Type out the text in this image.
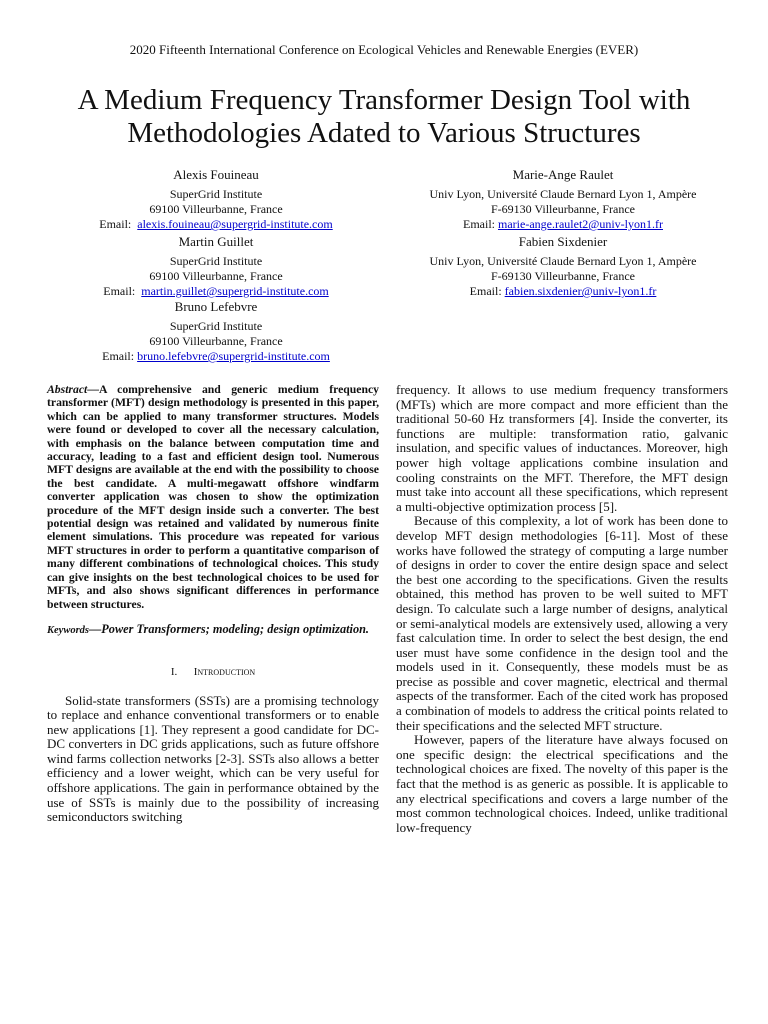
2020 Fifteenth International Conference on Ecological Vehicles and Renewable Energies (EVER)
A Medium Frequency Transformer Design Tool with
Methodologies Adated to Various Structures
Alexis Fouineau
SuperGrid Institute
69100 Villeurbanne, France
Email: alexis.fouineau@supergrid-institute.com
Martin Guillet
SuperGrid Institute
69100 Villeurbanne, France
Email: martin.guillet@supergrid-institute.com
Bruno Lefebvre
SuperGrid Institute
69100 Villeurbanne, France
Email: bruno.lefebvre@supergrid-institute.com
Marie-Ange Raulet
Univ Lyon, Université Claude Bernard Lyon 1, Ampère
F-69130 Villeurbanne, France
Email: marie-ange.raulet2@univ-lyon1.fr
Fabien Sixdenier
Univ Lyon, Université Claude Bernard Lyon 1, Ampère
F-69130 Villeurbanne, France
Email: fabien.sixdenier@univ-lyon1.fr

Abstract—A comprehensive and generic medium frequency transformer (MFT) design methodology is presented in this paper, which can be applied to many transformer structures. Models were found or developed to cover all the necessary calculation, with emphasis on the balance between computation time and accuracy, leading to a fast and efficient design tool. Numerous MFT designs are available at the end with the possibility to choose the best candidate. A multi-megawatt offshore windfarm converter application was chosen to show the optimization procedure of the MFT design inside such a converter. The best potential design was retained and validated by numerous finite element simulations. This procedure was repeated for various MFT structures in order to perform a quantitative comparison of many different combinations of technological choices. This study can give insights on the best technological choices to be used for MFTs, and also shows significant differences in performance between structures.

Keywords—Power Transformers; modeling; design optimization.

I. Introduction

Solid-state transformers (SSTs) are a promising technology to replace and enhance conventional transformers or to enable new applications [1]. They represent a good candidate for DC-DC converters in DC grids applications, such as future offshore wind farms collection networks [2-3]. SSTs also allows a better efficiency and a lower weight, which can be very useful for offshore applications. The gain in performance obtained by the use of SSTs is mainly due to the possibility of increasing semiconductors switching

frequency. It allows to use medium frequency transformers (MFTs) which are more compact and more efficient than the traditional 50-60 Hz transformers [4]. Inside the converter, its functions are multiple: transformation ratio, galvanic insulation, and specific values of inductances. Moreover, high power high voltage applications combine insulation and cooling constraints on the MFT. Therefore, the MFT design must take into account all these specifications, which represent a multi-objective optimization process [5].

Because of this complexity, a lot of work has been done to develop MFT design methodologies [6-11]. Most of these works have followed the strategy of computing a large number of designs in order to cover the entire design space and select the best one according to the specifications. Given the results obtained, this method has proven to be well suited to MFT design. To calculate such a large number of designs, analytical or semi-analytical models are extensively used, allowing a very fast calculation time. In order to select the best design, the end user must have some confidence in the design tool and the models used in it. Consequently, these models must be as precise as possible and cover magnetic, electrical and thermal aspects of the transformer. Each of the cited work has proposed a combination of models to address the critical points related to their specifications and the selected MFT structure.

However, papers of the literature have always focused on one specific design: the electrical specifications and the technological choices are fixed. The novelty of this paper is the fact that the method is as generic as possible. It is applicable to any electrical specifications and covers a large number of the most common technological choices. Indeed, unlike traditional low-frequency
